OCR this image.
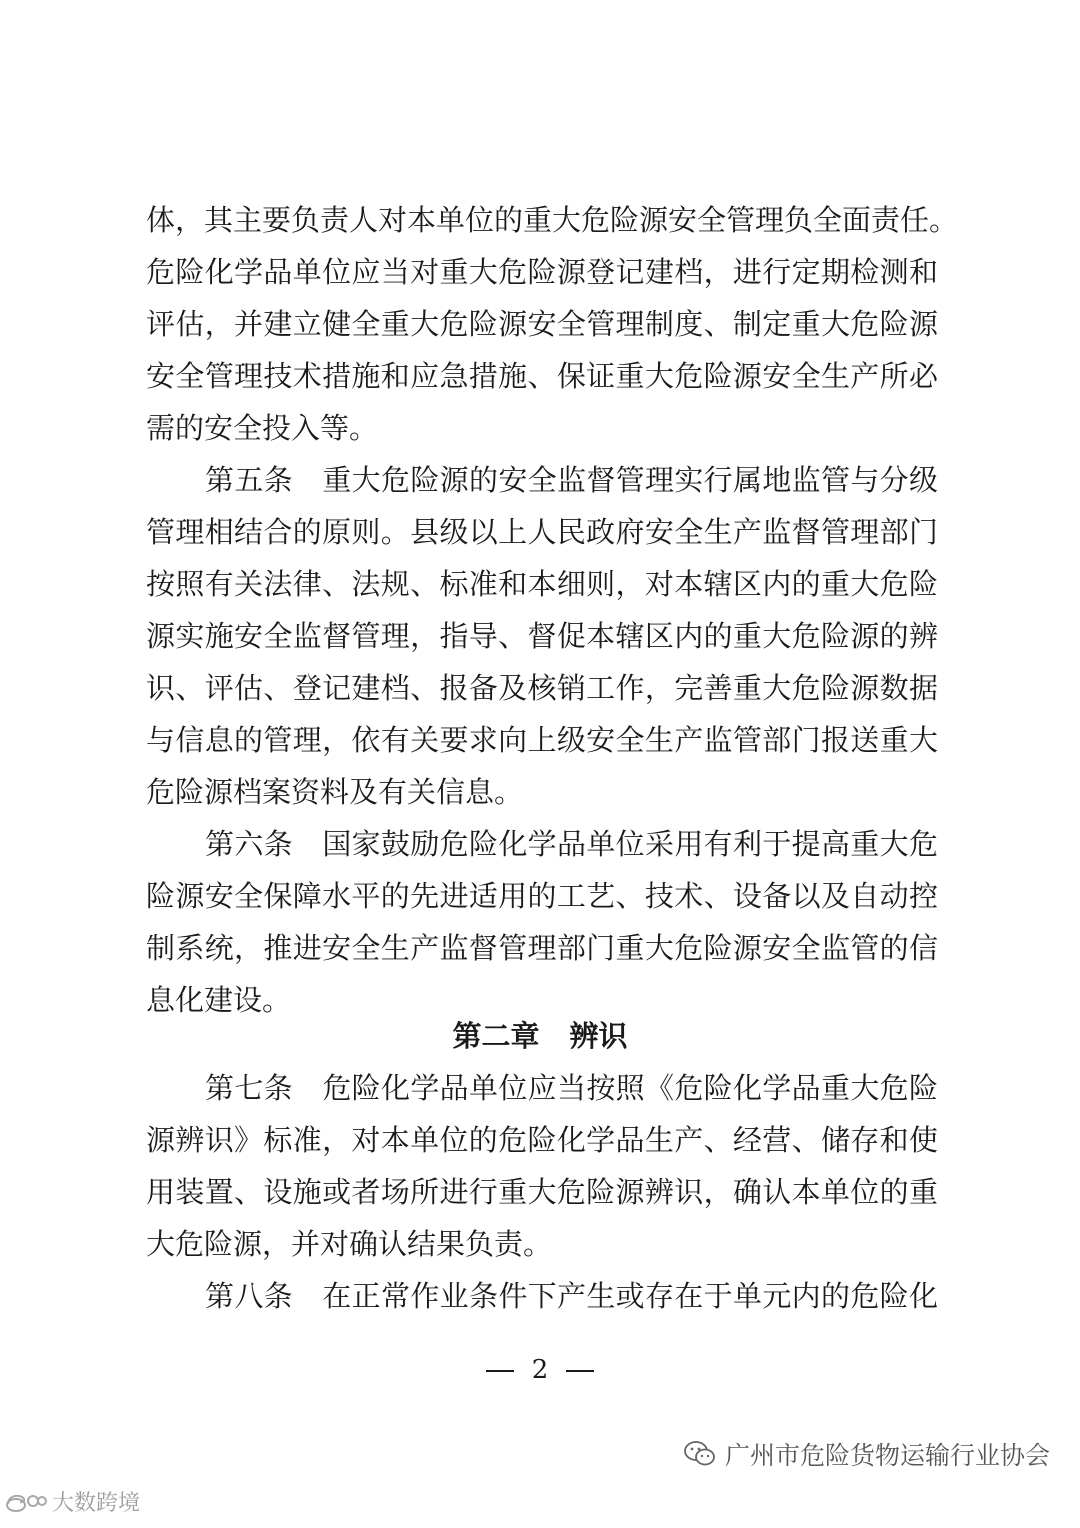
体，其主要负责人对本单位的重大危险源安全管理负全面责任。
危险化学品单位应当对重大危险源登记建档，进行定期检测和
评估，并建立健全重大危险源安全管理制度、制定重大危险源
安全管理技术措施和应急措施、保证重大危险源安全生产所必
需的安全投入等。
第五条　重大危险源的安全监督管理实行属地监管与分级
管理相结合的原则。县级以上人民政府安全生产监督管理部门
按照有关法律、法规、标准和本细则，对本辖区内的重大危险
源实施安全监督管理，指导、督促本辖区内的重大危险源的辨
识、评估、登记建档、报备及核销工作，完善重大危险源数据
与信息的管理，依有关要求向上级安全生产监管部门报送重大
危险源档案资料及有关信息。
第六条　国家鼓励危险化学品单位采用有利于提高重大危
险源安全保障水平的先进适用的工艺、技术、设备以及自动控
制系统，推进安全生产监督管理部门重大危险源安全监管的信
息化建设。
第二章 辨识
第七条　危险化学品单位应当按照《危险化学品重大危险
源辨识》标准，对本单位的危险化学品生产、经营、储存和使
用装置、设施或者场所进行重大危险源辨识，确认本单位的重
大危险源，并对确认结果负责。
第八条　在正常作业条件下产生或存在于单元内的危险化
2
广州市危险货物运输行业协会
大数跨境
